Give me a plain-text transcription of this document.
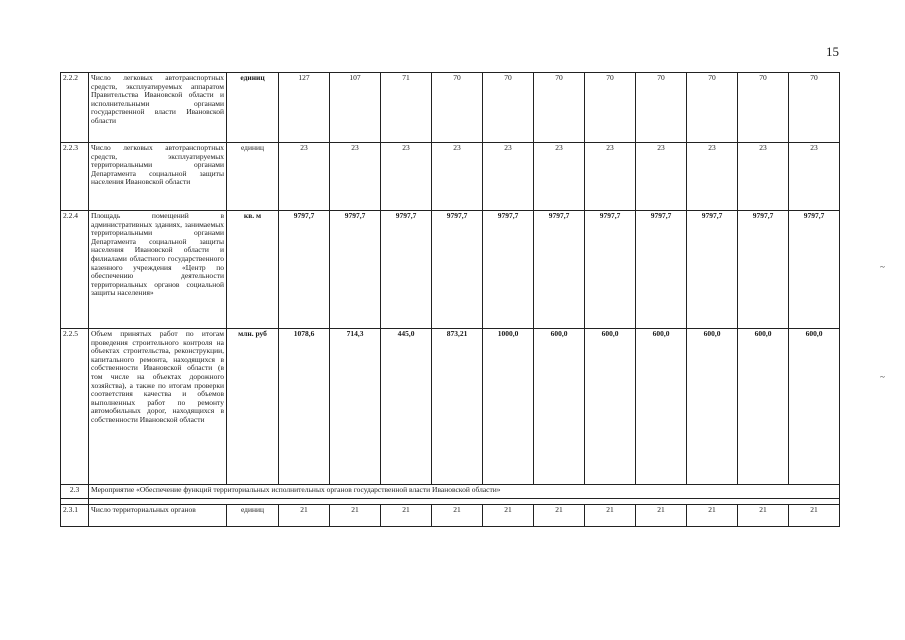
15
2.2.2	Число легковых автотранспортных средств, эксплуатируемых аппаратом Правительства Ивановской области и исполнительными органами государственной власти Ивановской области	единиц	127	107	71	70	70	70	70	70	70	70	70
2.2.3	Число легковых автотранспортных средств, эксплуатируемых территориальными органами Департамента социальной защиты населения Ивановской области	единиц	23	23	23	23	23	23	23	23	23	23	23
2.2.4	Площадь помещений в административных зданиях, занимаемых территориальными органами Департамента социальной защиты населения Ивановской области и филиалами областного государственного казенного учреждения «Центр по обеспечению деятельности территориальных органов социальной защиты населения»	кв. м	9797,7	9797,7	9797,7	9797,7	9797,7	9797,7	9797,7	9797,7	9797,7	9797,7	9797,7
2.2.5	Объем принятых работ по итогам проведения строительного контроля на объектах строительства, реконструкции, капитального ремонта, находящихся в собственности Ивановской области (в том числе на объектах дорожного хозяйства), а также по итогам проверки соответствия качества и объемов выполненных работ по ремонту автомобильных дорог, находящихся в собственности Ивановской области	млн. руб	1078,6	714,3	445,0	873,21	1000,0	600,0	600,0	600,0	600,0	600,0	600,0
2.3	Мероприятие «Обеспечение функций территориальных исполнительных органов государственной власти Ивановской области»												

2.3.1	Число территориальных органов	единиц	21	21	21	21	21	21	21	21	21	21	21
~
~
